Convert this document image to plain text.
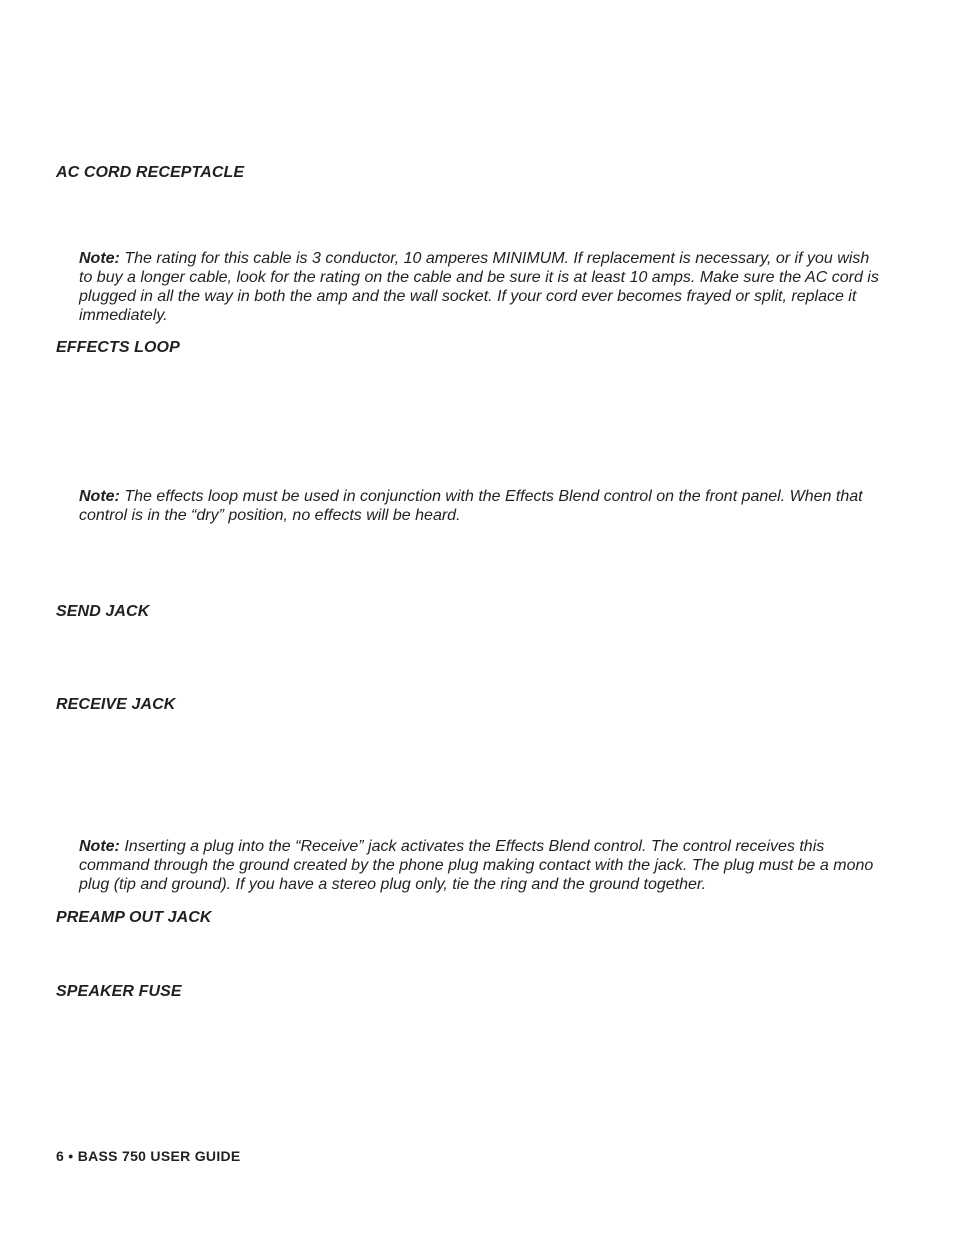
AC CORD RECEPTACLE
Note: The rating for this cable is 3 conductor, 10 amperes MINIMUM. If replacement is necessary, or if you wish to buy a longer cable, look for the rating on the cable and be sure it is at least 10 amps. Make sure the AC cord is plugged in all the way in both the amp and the wall socket. If your cord ever becomes frayed or split, replace it immediately.
EFFECTS LOOP
Note: The effects loop must be used in conjunction with the Effects Blend control on the front panel. When that control is in the “dry” position, no effects will be heard.
SEND JACK
RECEIVE JACK
Note: Inserting a plug into the “Receive” jack activates the Effects Blend control. The control receives this command through the ground created by the phone plug making contact with the jack. The plug must be a mono plug (tip and ground). If you have a stereo plug only, tie the ring and the ground together.
PREAMP OUT JACK
SPEAKER FUSE
6 • BASS 750 USER GUIDE
